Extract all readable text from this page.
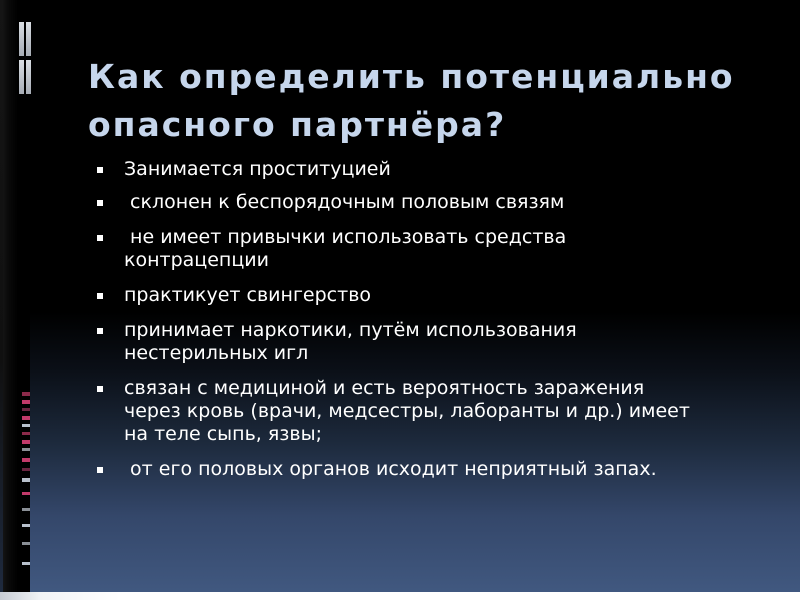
Как определить потенциально
опасного партнёра?
Занимается проституцией
склонен к беспорядочным половым связям
не имеет привычки использовать средства
контрацепции
практикует свингерство
принимает наркотики, путём использования
нестерильных игл
связан с медициной и есть вероятность заражения
через кровь (врачи, медсестры, лаборанты и др.) имеет
на теле сыпь, язвы;
от его половых органов исходит неприятный запах.
